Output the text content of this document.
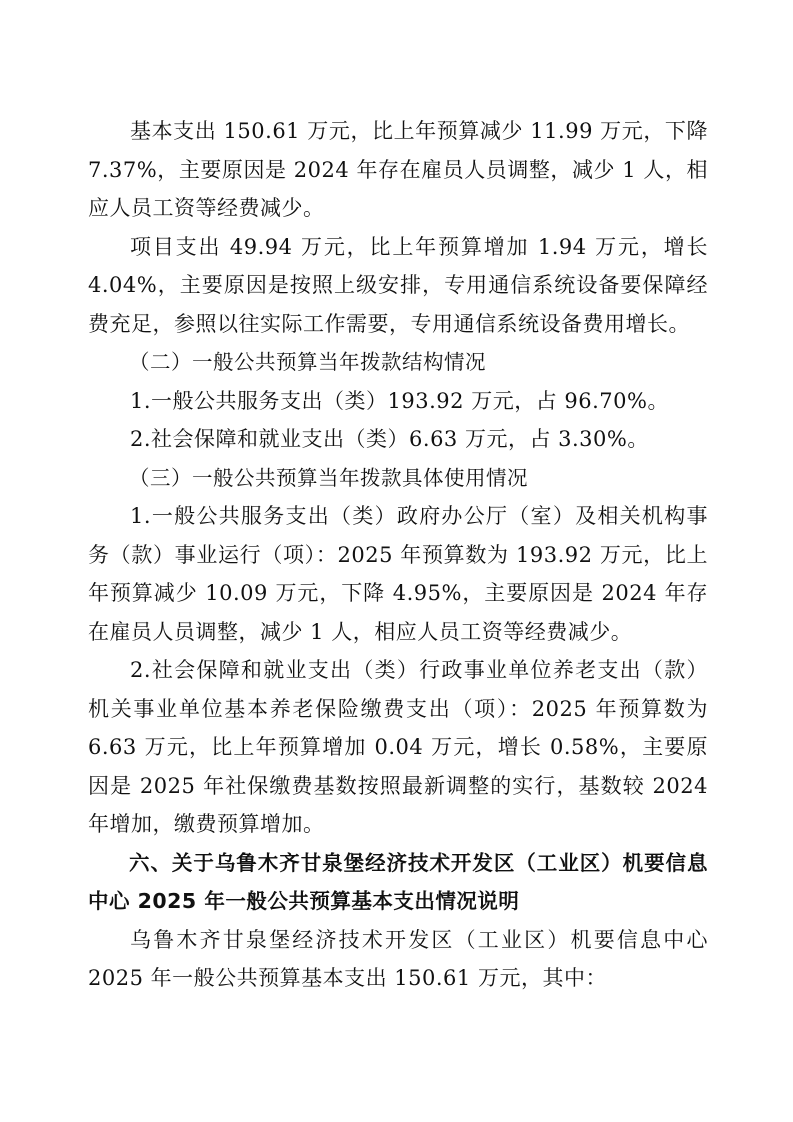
基本支出 150.61 万元，比上年预算减少 11.99 万元，下降 7.37%，主要原因是 2024 年存在雇员人员调整，减少 1 人，相应人员工资等经费减少。

项目支出 49.94 万元，比上年预算增加 1.94 万元，增长 4.04%，主要原因是按照上级安排，专用通信系统设备要保障经费充足，参照以往实际工作需要，专用通信系统设备费用增长。

（二）一般公共预算当年拨款结构情况

1.一般公共服务支出（类）193.92 万元，占 96.70%。

2.社会保障和就业支出（类）6.63 万元，占 3.30%。

（三）一般公共预算当年拨款具体使用情况

1.一般公共服务支出（类）政府办公厅（室）及相关机构事务（款）事业运行（项）：2025 年预算数为 193.92 万元，比上年预算减少 10.09 万元，下降 4.95%，主要原因是 2024 年存在雇员人员调整，减少 1 人，相应人员工资等经费减少。

2.社会保障和就业支出（类）行政事业单位养老支出（款）机关事业单位基本养老保险缴费支出（项）：2025 年预算数为 6.63 万元，比上年预算增加 0.04 万元，增长 0.58%，主要原因是 2025 年社保缴费基数按照最新调整的实行，基数较 2024 年增加，缴费预算增加。

六、关于乌鲁木齐甘泉堡经济技术开发区（工业区）机要信息中心 2025 年一般公共预算基本支出情况说明

乌鲁木齐甘泉堡经济技术开发区（工业区）机要信息中心 2025 年一般公共预算基本支出 150.61 万元，其中：
